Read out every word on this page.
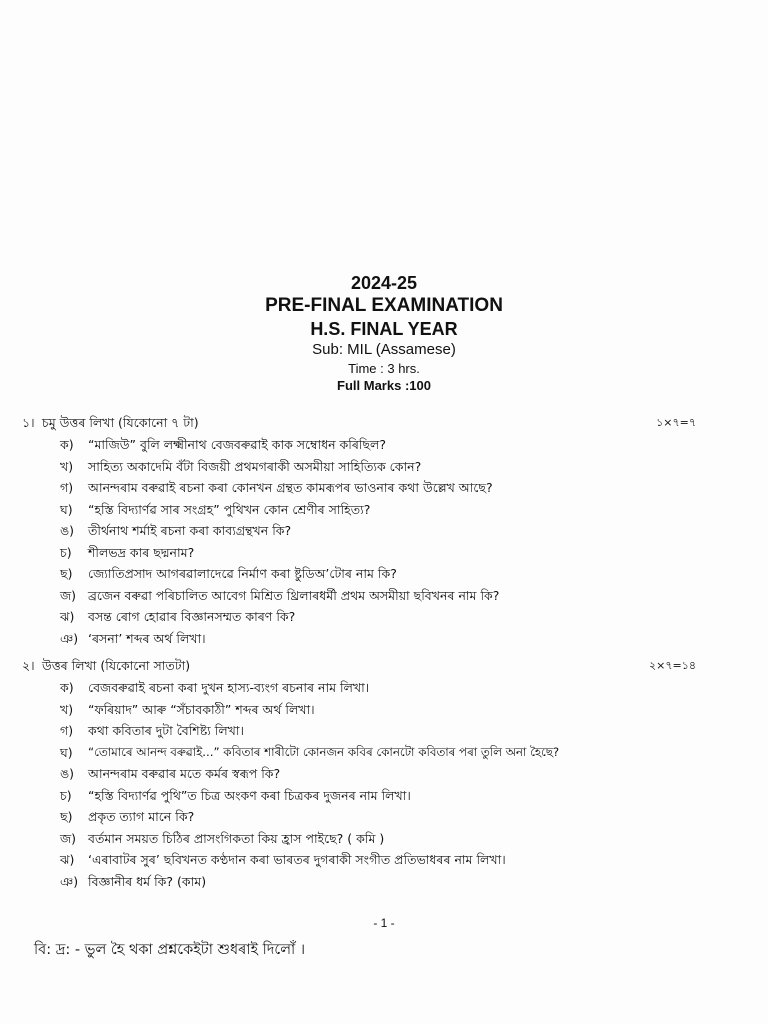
2024-25
PRE-FINAL EXAMINATION
H.S. FINAL YEAR
Sub: MIL (Assamese)
Time : 3 hrs.
Full Marks :100
১। চমু উত্তৰ লিখা (যিকোনো ৭ টা)	১×৭=৭
ক) “মাজিউ” বুলি লক্ষ্মীনাথ বেজবৰুৱাই কাক সম্বোধন কৰিছিল?
খ) সাহিত্য অকাদেমি বঁটা বিজয়ী প্ৰথমগৰাকী অসমীয়া সাহিত্যিক কোন?
গ) আনন্দৰাম বৰুৱাই ৰচনা কৰা কোনখন গ্ৰন্থত কামৰূপৰ ভাওনাৰ কথা উল্লেখ আছে?
ঘ) “হস্তি বিদ্যাৰ্ণৱ সাৰ সংগ্ৰহ” পুথিখন কোন শ্ৰেণীৰ সাহিত্য?
ঙ) তীৰ্থনাথ শৰ্মাই ৰচনা কৰা কাব্যগ্ৰন্থখন কি?
চ) শীলভদ্ৰ কাৰ ছদ্মনাম?
ছ) জ্যোতিপ্ৰসাদ আগৰৱালাদেৱে নিৰ্মাণ কৰা ষ্টুডিঅ’টোৰ নাম কি?
জ) ব্ৰজেন বৰুৱা পৰিচালিত আবেগ মিশ্ৰিত থ্ৰিলাৰধৰ্মী প্ৰথম অসমীয়া ছবিখনৰ নাম কি?
ঝ) বসন্ত ৰোগ হোৱাৰ বিজ্ঞানসম্মত কাৰণ কি?
ঞ) ‘ৰসনা’ শব্দৰ অৰ্থ লিখা।
২। উত্তৰ লিখা (যিকোনো সাতটা)	২×৭=১৪
ক) বেজবৰুৱাই ৰচনা কৰা দুখন হাস্য-ব্যংগ ৰচনাৰ নাম লিখা।
খ) “ফৰিয়াদ” আৰু “সঁচাবকাঠী” শব্দৰ অৰ্থ লিখা।
গ) কথা কবিতাৰ দুটা বৈশিষ্ট্য লিখা।
ঘ) “তোমাৰে আনন্দ বৰুৱাই...” কবিতাৰ শাৰীটো কোনজন কবিৰ কোনটো কবিতাৰ পৰা তুলি অনা হৈছে?
ঙ) আনন্দৰাম বৰুৱাৰ মতে কৰ্মৰ স্বৰূপ কি?
চ) “হস্তি বিদ্যাৰ্ণৱ পুথি”ত চিত্ৰ অংকণ কৰা চিত্ৰকৰ দুজনৰ নাম লিখা।
ছ) প্ৰকৃত ত্যাগ মানে কি?
জ) বৰ্তমান সময়ত চিঠিৰ প্ৰাসংগিকতা কিয় হ্ৰাস পাইছে? ( কমি )
ঝ) ‘এৰাবাটৰ সুৰ’ ছবিখনত কণ্ঠদান কৰা ভাৰতৰ দুগৰাকী সংগীত প্ৰতিভাধৰৰ নাম লিখা।
ঞ) বিজ্ঞানীৰ ধৰ্ম কি? (কাম)
- 1 -
বি: দ্ৰ: - ভুল হৈ থকা প্ৰশ্নকেইটা শুধৰাই দিলোঁ ।
